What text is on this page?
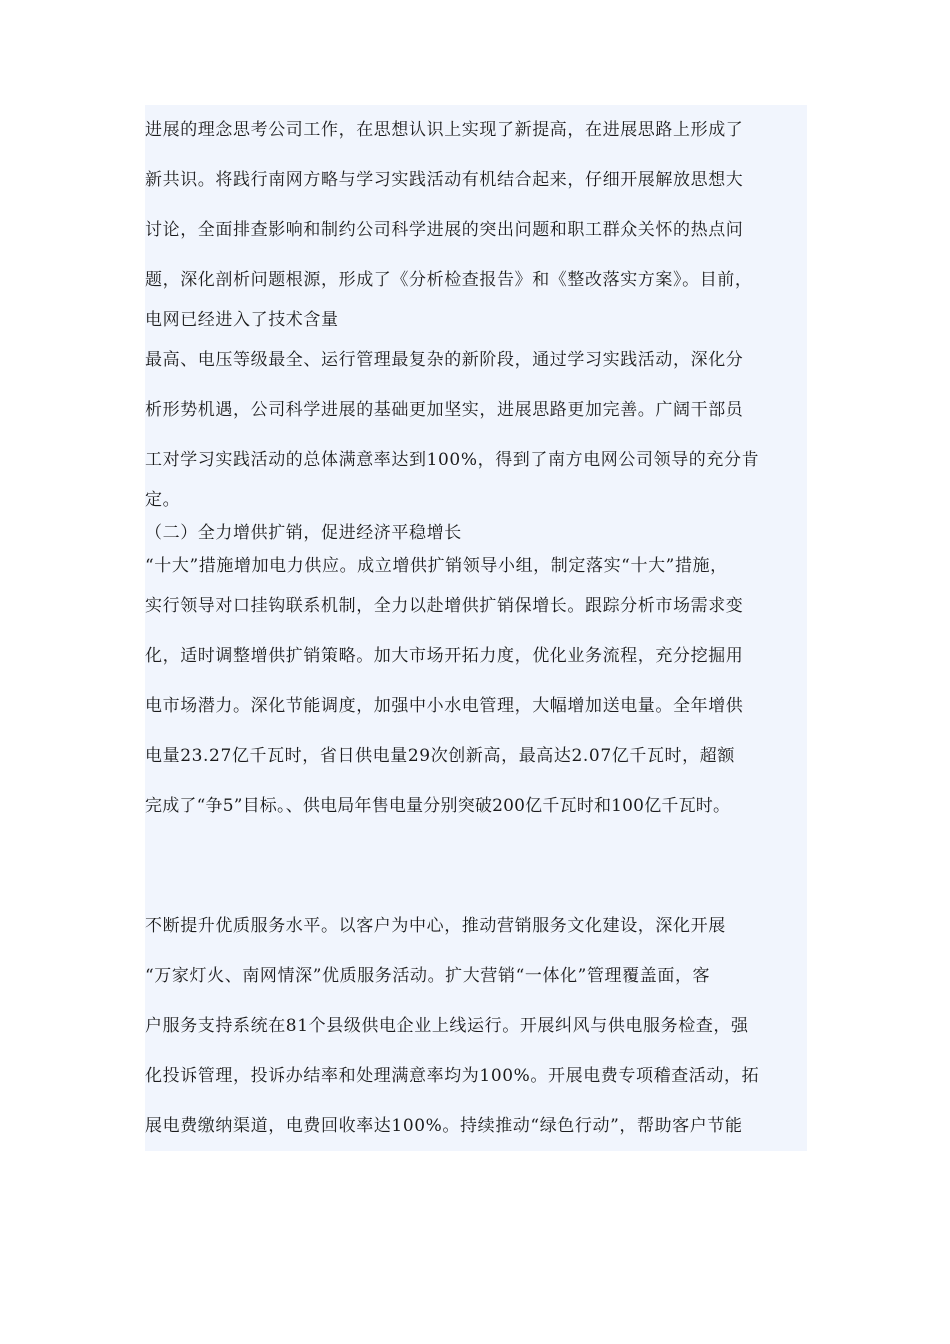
进展的理念思考公司工作，在思想认识上实现了新提高，在进展思路上形成了
新共识。将践行南网方略与学习实践活动有机结合起来，仔细开展解放思想大
讨论，全面排查影响和制约公司科学进展的突出问题和职工群众关怀的热点问
题，深化剖析问题根源，形成了《分析检查报告》和《整改落实方案》。目前，
电网已经进入了技术含量
最高、电压等级最全、运行管理最复杂的新阶段，通过学习实践活动，深化分
析形势机遇，公司科学进展的基础更加坚实，进展思路更加完善。广阔干部员
工对学习实践活动的总体满意率达到100%，得到了南方电网公司领导的充分肯
定。
（二）全力增供扩销，促进经济平稳增长
“十大”措施增加电力供应。成立增供扩销领导小组，制定落实“十大”措施，
实行领导对口挂钩联系机制，全力以赴增供扩销保增长。跟踪分析市场需求变
化，适时调整增供扩销策略。加大市场开拓力度，优化业务流程，充分挖掘用
电市场潜力。深化节能调度，加强中小水电管理，大幅增加送电量。全年增供
电量23.27亿千瓦时，省日供电量29次创新高，最高达2.07亿千瓦时，超额
完成了“争5”目标。、供电局年售电量分别突破200亿千瓦时和100亿千瓦时。
不断提升优质服务水平。以客户为中心，推动营销服务文化建设，深化开展
“万家灯火、南网情深”优质服务活动。扩大营销“一体化”管理覆盖面，客
户服务支持系统在81个县级供电企业上线运行。开展纠风与供电服务检查，强
化投诉管理，投诉办结率和处理满意率均为100%。开展电费专项稽查活动，拓
展电费缴纳渠道，电费回收率达100%。持续推动“绿色行动”，帮助客户节能
